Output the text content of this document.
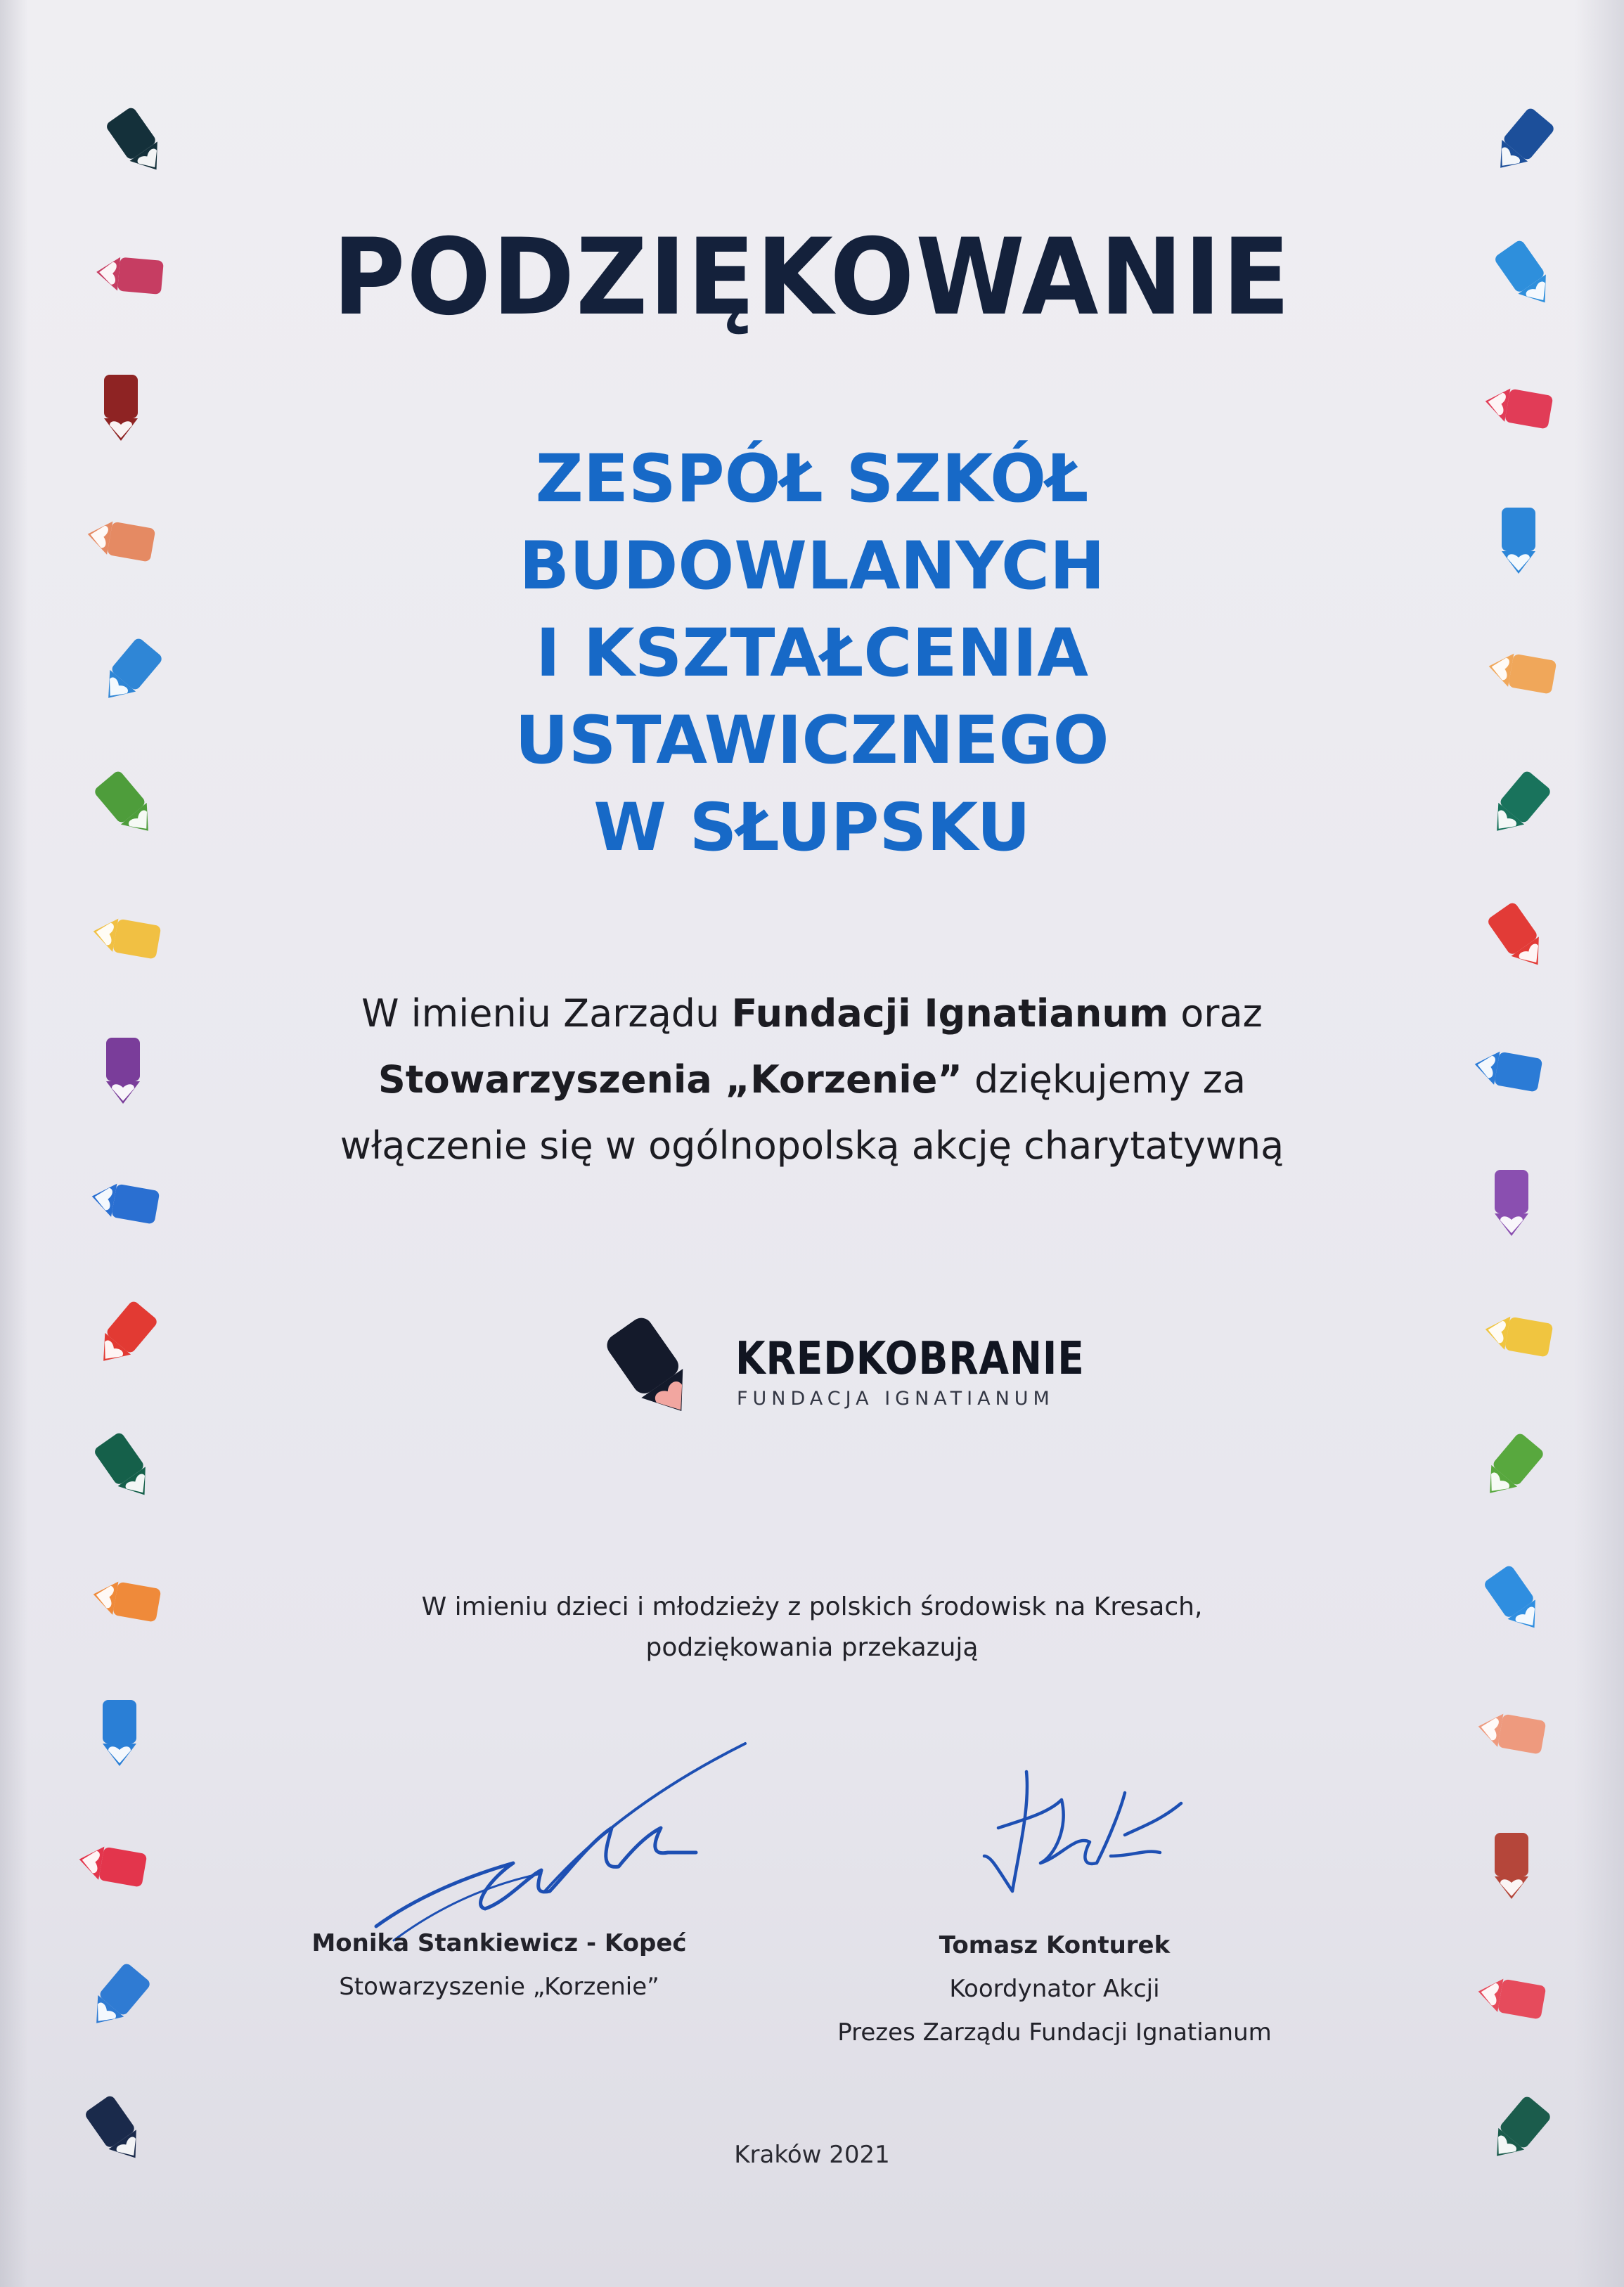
PODZIĘKOWANIE
ZESPÓŁ SZKÓŁ
BUDOWLANYCH
I KSZTAŁCENIA
USTAWICZNEGO
W SŁUPSKU
W imieniu Zarządu Fundacji Ignatianum oraz
Stowarzyszenia „Korzenie” dziękujemy za
włączenie się w ogólnopolską akcję charytatywną
KREDKOBRANIE
FUNDACJA IGNATIANUM
W imieniu dzieci i młodzieży z polskich środowisk na Kresach,
podziękowania przekazują
Monika Stankiewicz - Kopeć
Stowarzyszenie „Korzenie”
Tomasz Konturek
Koordynator Akcji
Prezes Zarządu Fundacji Ignatianum
Kraków 2021
